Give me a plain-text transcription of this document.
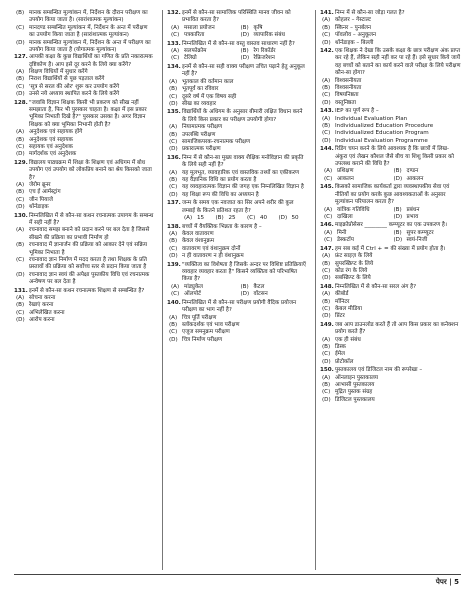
(B) मानक सम्बन्धित मूल्यांकन में, निर्देशन के दौरान परीक्षण का उपयोग किया जाता है। (सारांशात्मक मूल्यांकन)
(C) मानदण्ड सम्बन्धित मूल्यांकन में, निर्देशन के अन्त में परीक्षण का उपयोग किया जाता है (सारांशात्मक मूल्यांकन)
(D) मानक सम्बन्धित मूल्यांकन में, निर्देशन के अन्त में परीक्षण का उपयोग किया जाता है (योगात्मक मूल्यांकन)
127. आपकी कक्षा के कुछ विद्यार्थियों का गणित के प्रति नकारात्मक दृष्टिकोण है। आप इसे दूर करने के लिये क्या करेंगे?
(A) शिक्षण विधियों में सुधार करेंगे
(B) निराश विद्यार्थियों से पूछ पड़ताल करेंगे
(C) 'सूत्र से सरल की ओर' शुरू कर उपयोग करेंगे
(D) उनसे नये अध्याय स्थापित करने के लिये करेंगे
128. "जवाबि विज्ञान शिक्षक किसी भी प्रकरण को सीख नहीं समझाता है, फिर भी पुरस्कार चाहता है। कक्षा में इस प्रकार भूमिका निभाती दिखे है?" पुरस्कार उसका है। अगर विज्ञान शिक्षक को क्या भूमिका निभानी होती है?
(A) अनुदेशक एवं सहायक होंगे
(B) अनुदेशक एवं सहायक
(C) सहायक एवं अनुदेशक
(D) मार्गदर्शक एवं अनुदेशक
129. विद्यालय पाठ्यक्रम में शिक्षा के शिक्षण एवं अधिगम में बोध उपयोग एवं उपयोग को लोकप्रिय बनाने का श्रेय किसको जाता है?
(A) जेरोम ब्रूनर
(B) एच ई आर्मस्ट्रांग
(C) जीन पियाजे
(D) थॉर्नडाइक
130. निम्नलिखित में से कौन-सा कथन रचनात्मक उपागम के सम्बन्ध में सही नहीं है?
(A) रचनावाद समझ बनाने को प्रदान करने पर बल देता है जिससे सीखने की प्रक्रिया का प्रभावी निर्माण हो
(B) रचनावाद में ज्ञानार्जन की प्रक्रिया को आकार देने एवं सक्रिय भूमिका निभाता है
(C) रचनावाद ज्ञान निर्माण में मदद करता है तथा शिक्षक के प्रति प्रस्तावों की प्रक्रिया को सर्वोच्च स्तर से प्रदान किया जाता है
(D) रचनावाद ज्ञान स्वयं की अपेक्षा पुस्तकीय विधि एवं रचनात्मक अन्वेषण पर बल देता है
131. इनमें से कौन-सा कथन रचनात्मक शिक्षण से सम्बन्धित है?
(A) सोचना करना
(B) रेखाएं करना
(C) अभिलेखित करना
(D) आरोप करना
132. इनमें से कौन-सा सामाजिक परिस्थिति मानव जीवन को प्रभावित करता है?
(A) मसाला प्रयोजन	(B) कृषि
(C) पत्रकारिता	(D) व्यापारिक संबंध
133. निम्नलिखित में से कौन-सा वस्तु वास्तव साधारण नहीं है?
(A) सलफोक्रोम	(B) रेग रिकॉर्डर
(C) टेलिग्रो	(D) रेफ्रिजरेशन
134. इनमें से कौन-सा सही वाक्य परीक्षण उचित पढ़ाने हेतु अनुकूल नहीं है?
(A) भूतकाल की वर्तमान काल
(B) भूतपूर्व का रविवार
(C) दूसरे वर्ष में एक विषय सही
(D) सीख का व्यवहार
135. विद्यार्थियों के अधिगम के अनुसार बीमारी लक्षित विधान करने के लिये किस प्रकार का परीक्षण उपयोगी होगा?
(A) नियामात्मक परीक्षण
(B) उपलब्धि परीक्षण
(C) सामाजिकपरक-रचनात्मक परीक्षण
(D) प्रकारात्मक परीक्षण
136. निम्न में से कौन-सा मुख्य वाक्य शैक्षिक मनोविज्ञान की प्रकृति के लिये सही नहीं है?
(A) यह मूलभूत, व्यावहारिक एवं वास्तविक तथ्यों का एकीकरण
(B) यह वैज्ञानिक विधि का प्रयोग करता है
(C) यह व्यवहारात्मक विज्ञान की जगह एक निम्नलिखित विज्ञान है
(D) यह शिक्षा रूप की विधि का अध्ययन है
137. जन्म के समय एक नवजात का सिर अपने शरीर की कुल लम्बाई के कितने प्रतिशत रहता है?
(A) 15	(B) 25	(C) 40	(D) 50
138. बच्चों में वैयक्तिक भिन्नता के कारण है –
(A) केवल वातावरण
(B) केवल वंशानुक्रम
(C) वातावरण एवं वंशानुक्रम दोनों
(D) न ही वातावरण न ही वंशानुक्रम
139. "व्यक्तित्व का विशेषता है जिसके अन्दर पर विशिष्ट प्रतिक्रियाएँ व्यवहार व्यवहार करता है" किसने व्यक्तित्व को परिभाषित किया है?
(A) मांड्युकेल	(B) कैटल
(C) ऑलपोर्ट	(D) वॉटसन
140. निम्नलिखित में से कौन-सा परीक्षण प्रयोगी वैदिक प्रयोजन परीक्षण का भाग नहीं है?
(A) चित्र पूर्ति परीक्षण
(B) ब्लॉकदर्शक एवं भाव परीक्षण
(C) एजूज समनुक्रम परीक्षण
(D) चित्र निर्माण परीक्षण
141. निम्न में से कौन-सा जोड़ा गलत है?
(A) कोहलर – गेस्टाल्ट
(B) स्किनर – पुनर्बलन
(C) पॉवलोव – अनुकूलन
(D) थॉर्नडाइक – बिल्ली
142. एक शिक्षक ने देखा कि उसके कक्षा के छात्र परीक्षण अंक प्राप्त कर रहे हैं, लेकिन सही नहीं कर पा रहे हैं। इसे सुधार किये जायें वह बच्चों को बताने का कार्य करने वाले परीक्षा के लिये परीक्षण कौन-सा होगा?
(A) विश्वसनीयता
(B) विश्वसनीयता
(C) विषयनिष्ठता
(D) वस्तुनिष्ठता
143. IEP का पूर्ण रूप है –
(A) Individual Evaluation Plan
(B) Individualized Education Procedure
(C) Individualized Education Program
(D) Individual Evaluation Programme
144. रिडिंग चयन करने के लिये आवश्यक है कि छात्रों में लिख-अंकुरा एवं लेखन कौशल जैसे बीच या शिशु किसी प्रकार को उपलब्ध कराने की विधि है?
(A) प्रशिक्षण	(B) दण्डन
(C) आकलन	(D) आकलन
145. किसको सामाजिक कार्यकर्ता द्वारा व्यवस्थापकीय सेवा एवं नीतियों का प्रयोग करके कुछ आवश्यकताओं के अनुसार मूल्यांकन परिपालन करता है?
(A) यांत्रिक गतिविधि	(B) प्रबंधन
(C) दाखिला	(D) प्रभाव
146. माइक्रोप्रोसेसर ________ कम्प्यूटर का एक उपकरण है।
(A) मिनी	(B) सुपर कम्प्यूटर
(C) डेस्कटॉप	(D) स्वयं-निजी
147. हम सब कई में Ctrl + = की संख्या में प्रयोग होता है।
(A) फ्रंट साइज़ के लिये
(B) सुपरस्क्रिप्ट के लिये
(C) कोड रंग के लिये
(D) सबस्क्रिप्ट के लिये
148. निम्नलिखित में से कौन-सा सरल अंग है?
(A) कीबोर्ड
(B) मॉनिटर
(C) केबल मीडिया
(D) प्रिंटर
149. जब आप डाउनलोड करते हैं तो आप किस प्रकार का कनेक्शन प्रयोग करते हैं?
(A) एक ही संबंध
(B) डिस्क
(C) ईमेल
(D) प्रोटोकॉल
150. पुस्तकालय एवं डिजिटल नाम की रूपरेखा –
(A) ऑनलाइन पुस्तकालय
(B) आभासी पुस्तकालय
(C) मुद्रित पुस्तक संग्रह
(D) डिजिटल पुस्तकालय
पेपर | 5
